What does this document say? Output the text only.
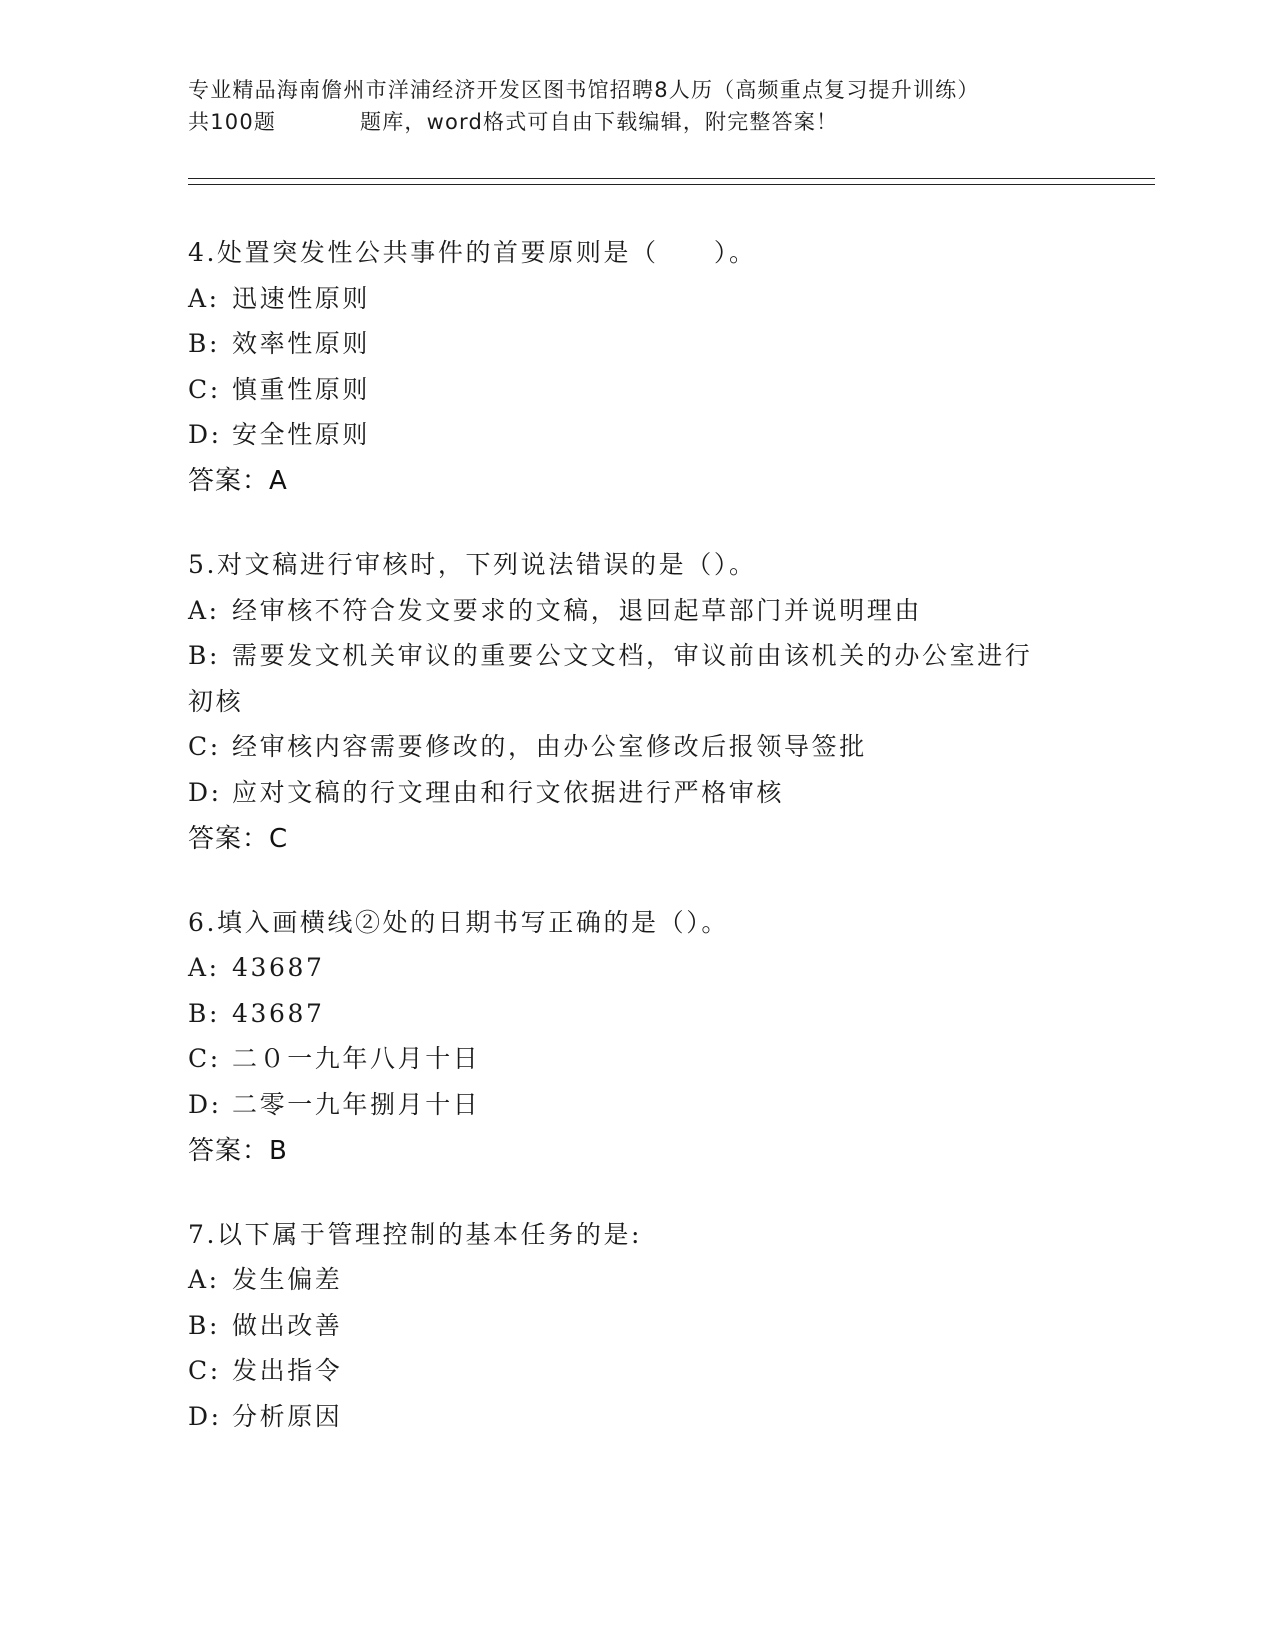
专业精品海南儋州市洋浦经济开发区图书馆招聘8人历（高频重点复习提升训练）
共100题	题库，word格式可自由下载编辑，附完整答案！
4.处置突发性公共事件的首要原则是（　　）。
A: 迅速性原则
B: 效率性原则
C: 慎重性原则
D: 安全性原则
答案：A
5.对文稿进行审核时，下列说法错误的是（）。
A: 经审核不符合发文要求的文稿，退回起草部门并说明理由
B: 需要发文机关审议的重要公文文档，审议前由该机关的办公室进行初核
C: 经审核内容需要修改的，由办公室修改后报领导签批
D: 应对文稿的行文理由和行文依据进行严格审核
答案：C
6.填入画横线②处的日期书写正确的是（）。
A: 43687
B: 43687
C: 二０一九年八月十日
D: 二零一九年捌月十日
答案：B
7.以下属于管理控制的基本任务的是:
A: 发生偏差
B: 做出改善
C: 发出指令
D: 分析原因
